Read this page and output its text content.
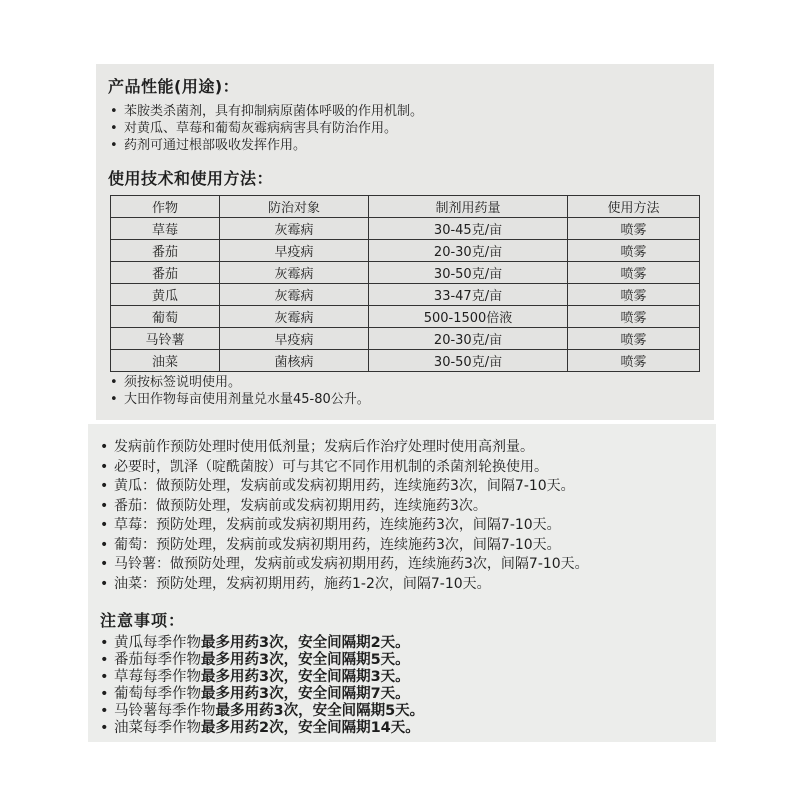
产品性能(用途)：
• 苯胺类杀菌剂，具有抑制病原菌体呼吸的作用机制。
• 对黄瓜、草莓和葡萄灰霉病病害具有防治作用。
• 药剂可通过根部吸收发挥作用。
使用技术和使用方法：
作物	防治对象	制剂用药量	使用方法
草莓	灰霉病	30-45克/亩	喷雾
番茄	早疫病	20-30克/亩	喷雾
番茄	灰霉病	30-50克/亩	喷雾
黄瓜	灰霉病	33-47克/亩	喷雾
葡萄	灰霉病	500-1500倍液	喷雾
马铃薯	早疫病	20-30克/亩	喷雾
油菜	菌核病	30-50克/亩	喷雾
• 须按标签说明使用。
• 大田作物每亩使用剂量兑水量45-80公升。
• 发病前作预防处理时使用低剂量；发病后作治疗处理时使用高剂量。
• 必要时，凯泽（啶酰菌胺）可与其它不同作用机制的杀菌剂轮换使用。
• 黄瓜：做预防处理，发病前或发病初期用药，连续施药3次，间隔7-10天。
• 番茄：做预防处理，发病前或发病初期用药，连续施药3次。
• 草莓：预防处理，发病前或发病初期用药，连续施药3次，间隔7-10天。
• 葡萄：预防处理，发病前或发病初期用药，连续施药3次，间隔7-10天。
• 马铃薯：做预防处理，发病前或发病初期用药，连续施药3次，间隔7-10天。
• 油菜：预防处理，发病初期用药，施药1-2次，间隔7-10天。
注意事项：
• 黄瓜每季作物最多用药3次，安全间隔期2天。
• 番茄每季作物最多用药3次，安全间隔期5天。
• 草莓每季作物最多用药3次，安全间隔期3天。
• 葡萄每季作物最多用药3次，安全间隔期7天。
• 马铃薯每季作物最多用药3次，安全间隔期5天。
• 油菜每季作物最多用药2次，安全间隔期14天。
